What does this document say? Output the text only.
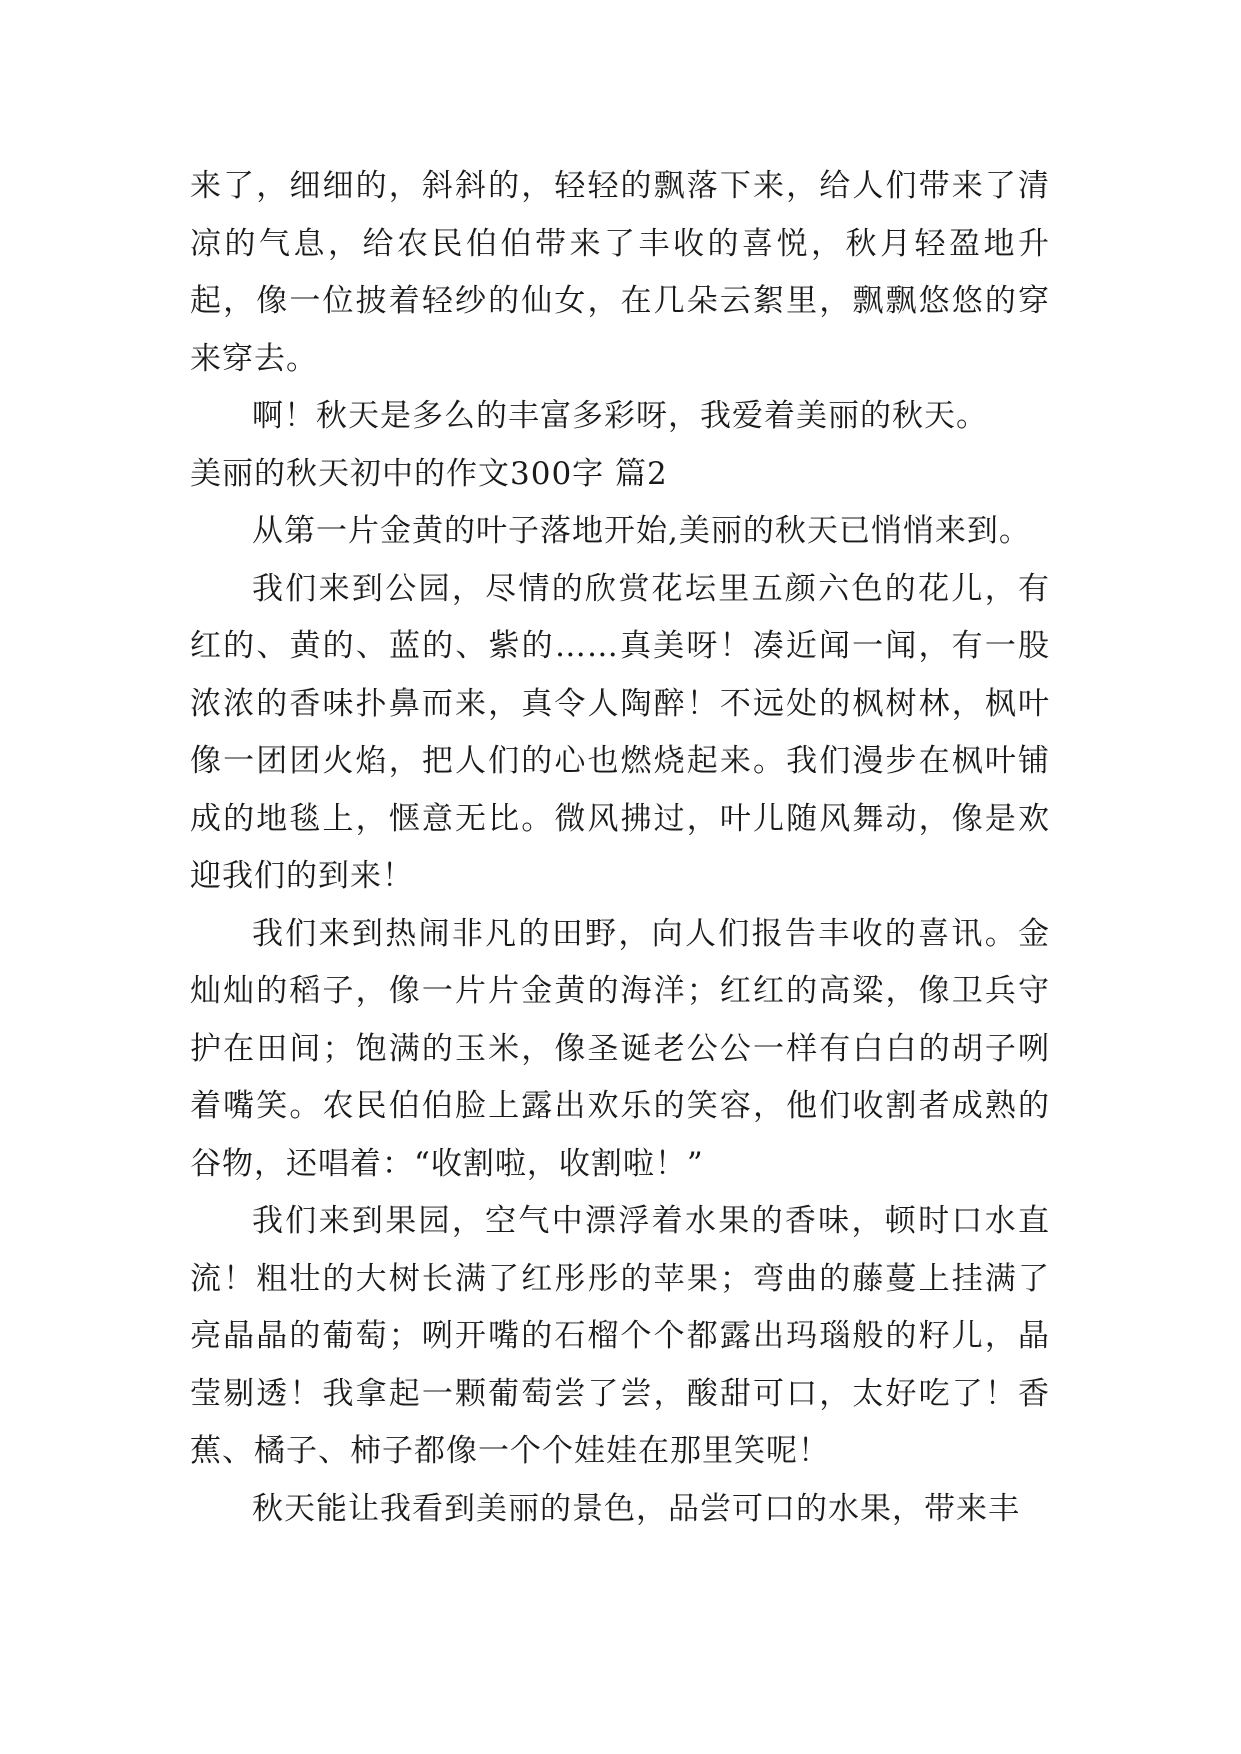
来了，细细的，斜斜的，轻轻的飘落下来，给人们带来了清凉的气息，给农民伯伯带来了丰收的喜悦，秋月轻盈地升起，像一位披着轻纱的仙女，在几朵云絮里，飘飘悠悠的穿来穿去。

啊！秋天是多么的丰富多彩呀，我爱着美丽的秋天。

美丽的秋天初中的作文300字 篇2

从第一片金黄的叶子落地开始,美丽的秋天已悄悄来到。

我们来到公园，尽情的欣赏花坛里五颜六色的花儿，有红的、黄的、蓝的、紫的……真美呀！凑近闻一闻，有一股浓浓的香味扑鼻而来，真令人陶醉！不远处的枫树林，枫叶像一团团火焰，把人们的心也燃烧起来。我们漫步在枫叶铺成的地毯上，惬意无比。微风拂过，叶儿随风舞动，像是欢迎我们的到来！

我们来到热闹非凡的田野，向人们报告丰收的喜讯。金灿灿的稻子，像一片片金黄的海洋；红红的高粱，像卫兵守护在田间；饱满的玉米，像圣诞老公公一样有白白的胡子咧着嘴笑。农民伯伯脸上露出欢乐的笑容，他们收割者成熟的谷物，还唱着：“收割啦，收割啦！”

我们来到果园，空气中漂浮着水果的香味，顿时口水直流！粗壮的大树长满了红彤彤的苹果；弯曲的藤蔓上挂满了亮晶晶的葡萄；咧开嘴的石榴个个都露出玛瑙般的籽儿，晶莹剔透！我拿起一颗葡萄尝了尝，酸甜可口，太好吃了！香蕉、橘子、柿子都像一个个娃娃在那里笑呢！

秋天能让我看到美丽的景色，品尝可口的水果，带来丰
